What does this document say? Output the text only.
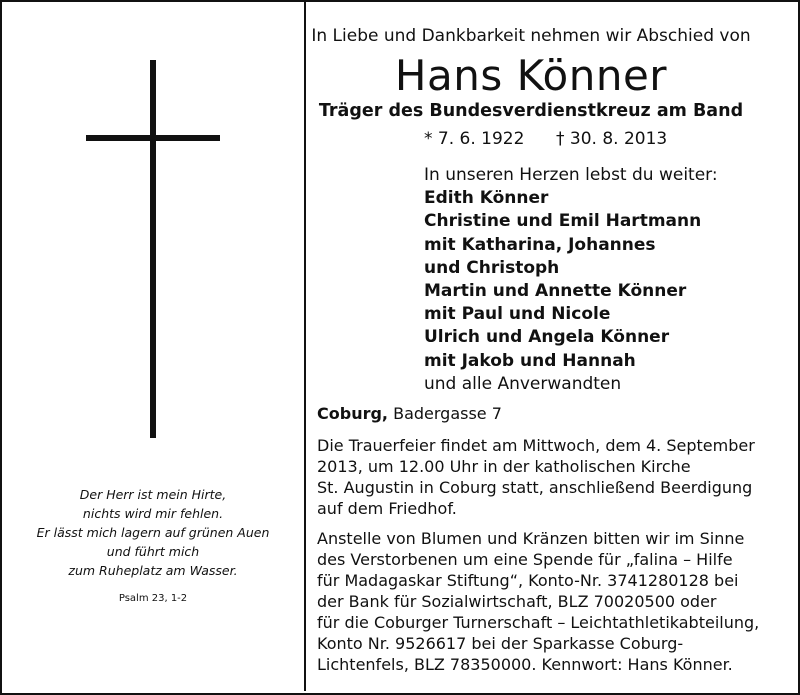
Der Herr ist mein Hirte,
nichts wird mir fehlen.
Er lässt mich lagern auf grünen Auen
und führt mich
zum Ruheplatz am Wasser.
Psalm 23, 1-2
In Liebe und Dankbarkeit nehmen wir Abschied von
Hans Könner
Träger des Bundesverdienstkreuz am Band
* 7. 6. 1922 † 30. 8. 2013
In unseren Herzen lebst du weiter:
Edith Könner
Christine und Emil Hartmann
mit Katharina, Johannes
und Christoph
Martin und Annette Könner
mit Paul und Nicole
Ulrich und Angela Könner
mit Jakob und Hannah
und alle Anverwandten
Coburg, Badergasse 7
Die Trauerfeier findet am Mittwoch, dem 4. September
2013, um 12.00 Uhr in der katholischen Kirche
St. Augustin in Coburg statt, anschließend Beerdigung
auf dem Friedhof.
Anstelle von Blumen und Kränzen bitten wir im Sinne
des Verstorbenen um eine Spende für „falina – Hilfe
für Madagaskar Stiftung“, Konto-Nr. 3741280128 bei
der Bank für Sozialwirtschaft, BLZ 70020500 oder
für die Coburger Turnerschaft – Leichtathletikabteilung,
Konto Nr. 9526617 bei der Sparkasse Coburg-
Lichtenfels, BLZ 78350000. Kennwort: Hans Könner.
